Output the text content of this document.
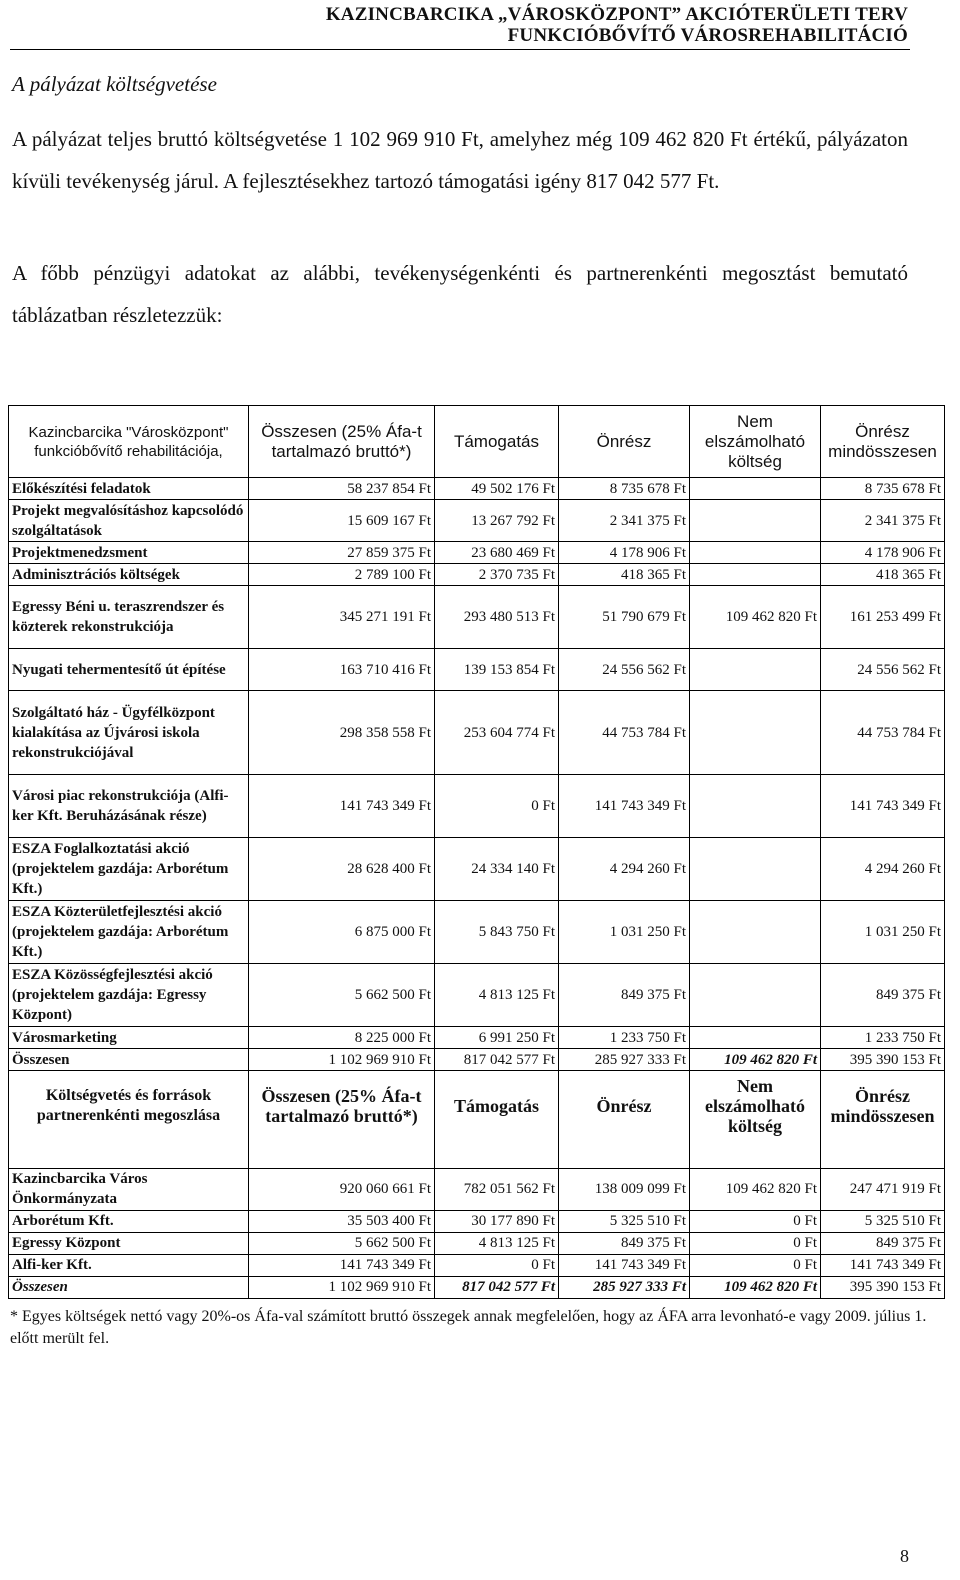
KAZINCBARCIKA „VÁROSKÖZPONT” AKCIÓTERÜLETI TERV
FUNKCIÓBŐVÍTŐ VÁROSREHABILITÁCIÓ
A pályázat költségvetése
A pályázat teljes bruttó költségvetése 1 102 969 910 Ft, amelyhez még 109 462 820 Ft értékű, pályázaton kívüli tevékenység járul. A fejlesztésekhez tartozó támogatási igény 817 042 577 Ft.
A főbb pénzügyi adatokat az alábbi, tevékenységenkénti és partnerenkénti megosztást bemutató táblázatban részletezzük:
Kazincbarcika "Városközpont" funkcióbővítő rehabilitációja,	Összesen (25% Áfa-t tartalmazó bruttó*)	Támogatás	Önrész	Nem elszámolható költség	Önrész mindösszesen
Előkészítési feladatok	58 237 854 Ft	49 502 176 Ft	8 735 678 Ft		8 735 678 Ft
Projekt megvalósításhoz kapcsolódó szolgáltatások	15 609 167 Ft	13 267 792 Ft	2 341 375 Ft		2 341 375 Ft
Projektmenedzsment	27 859 375 Ft	23 680 469 Ft	4 178 906 Ft		4 178 906 Ft
Adminisztrációs költségek	2 789 100 Ft	2 370 735 Ft	418 365 Ft		418 365 Ft
Egressy Béni u. teraszrendszer és közterek rekonstrukciója	345 271 191 Ft	293 480 513 Ft	51 790 679 Ft	109 462 820 Ft	161 253 499 Ft
Nyugati tehermentesítő út építése	163 710 416 Ft	139 153 854 Ft	24 556 562 Ft		24 556 562 Ft
Szolgáltató ház - Ügyfélközpont kialakítása az Újvárosi iskola rekonstrukciójával	298 358 558 Ft	253 604 774 Ft	44 753 784 Ft		44 753 784 Ft
Városi piac rekonstrukciója (Alfi-ker Kft. Beruházásának része)	141 743 349 Ft	0 Ft	141 743 349 Ft		141 743 349 Ft
ESZA Foglalkoztatási akció (projektelem gazdája: Arborétum Kft.)	28 628 400 Ft	24 334 140 Ft	4 294 260 Ft		4 294 260 Ft
ESZA Közterületfejlesztési akció (projektelem gazdája: Arborétum Kft.)	6 875 000 Ft	5 843 750 Ft	1 031 250 Ft		1 031 250 Ft
ESZA Közösségfejlesztési akció (projektelem gazdája: Egressy Központ)	5 662 500 Ft	4 813 125 Ft	849 375 Ft		849 375 Ft
Városmarketing	8 225 000 Ft	6 991 250 Ft	1 233 750 Ft		1 233 750 Ft
Összesen	1 102 969 910 Ft	817 042 577 Ft	285 927 333 Ft	109 462 820 Ft	395 390 153 Ft
Költségvetés és források partnerenkénti megoszlása	Összesen (25% Áfa-t tartalmazó bruttó*)	Támogatás	Önrész	Nem elszámolható költség	Önrész mindösszesen

Kazincbarcika Város Önkormányzata	920 060 661 Ft	782 051 562 Ft	138 009 099 Ft	109 462 820 Ft	247 471 919 Ft
Arborétum Kft.	35 503 400 Ft	30 177 890 Ft	5 325 510 Ft	0 Ft	5 325 510 Ft
Egressy Központ	5 662 500 Ft	4 813 125 Ft	849 375 Ft	0 Ft	849 375 Ft
Alfi-ker Kft.	141 743 349 Ft	0 Ft	141 743 349 Ft	0 Ft	141 743 349 Ft
Összesen	1 102 969 910 Ft	817 042 577 Ft	285 927 333 Ft	109 462 820 Ft	395 390 153 Ft
* Egyes költségek nettó vagy 20%-os Áfa-val számított bruttó összegek annak megfelelően, hogy az ÁFA arra levonható-e vagy 2009. július 1. előtt merült fel.
8
